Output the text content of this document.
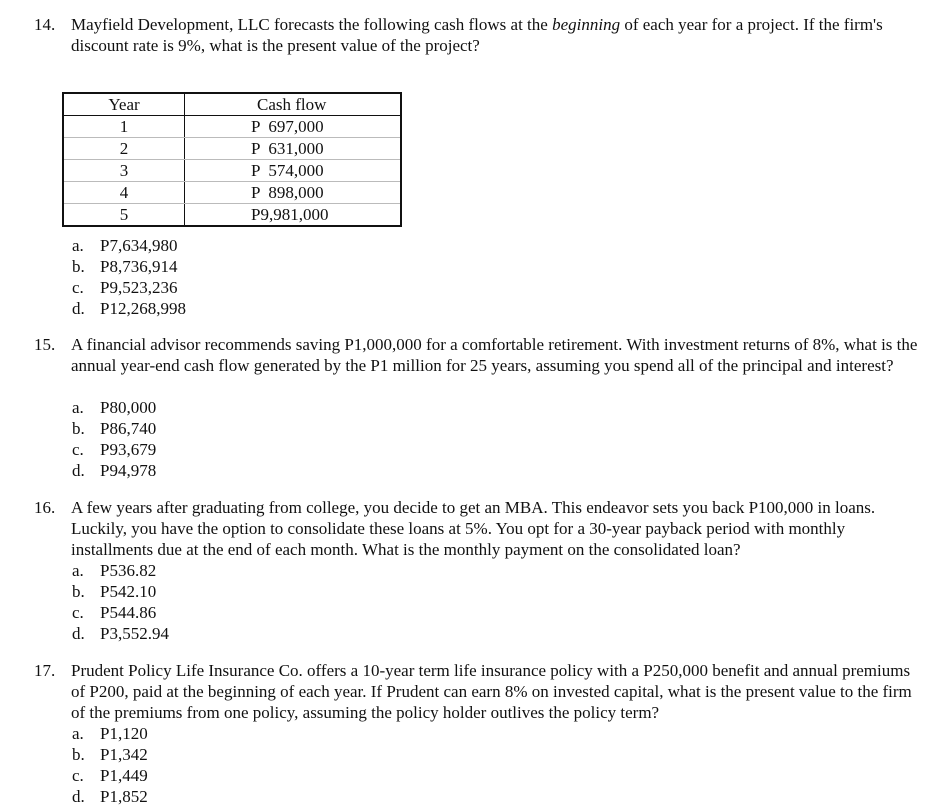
14. Mayfield Development, LLC forecasts the following cash flows at the beginning of each year for a project. If the firm's discount rate is 9%, what is the present value of the project?
Year	Cash flow
1	P  697,000
2	P  631,000
3	P  574,000
4	P  898,000
5	P9,981,000
a. P7,634,980
b. P8,736,914
c. P9,523,236
d. P12,268,998
15. A financial advisor recommends saving P1,000,000 for a comfortable retirement. With investment returns of 8%, what is the annual year-end cash flow generated by the P1 million for 25 years, assuming you spend all of the principal and interest?
a. P80,000
b. P86,740
c. P93,679
d. P94,978
16. A few years after graduating from college, you decide to get an MBA. This endeavor sets you back P100,000 in loans. Luckily, you have the option to consolidate these loans at 5%. You opt for a 30-year payback period with monthly installments due at the end of each month. What is the monthly payment on the consolidated loan?
a. P536.82
b. P542.10
c. P544.86
d. P3,552.94
17. Prudent Policy Life Insurance Co. offers a 10-year term life insurance policy with a P250,000 benefit and annual premiums of P200, paid at the beginning of each year. If Prudent can earn 8% on invested capital, what is the present value to the firm of the premiums from one policy, assuming the policy holder outlives the policy term?
a. P1,120
b. P1,342
c. P1,449
d. P1,852
